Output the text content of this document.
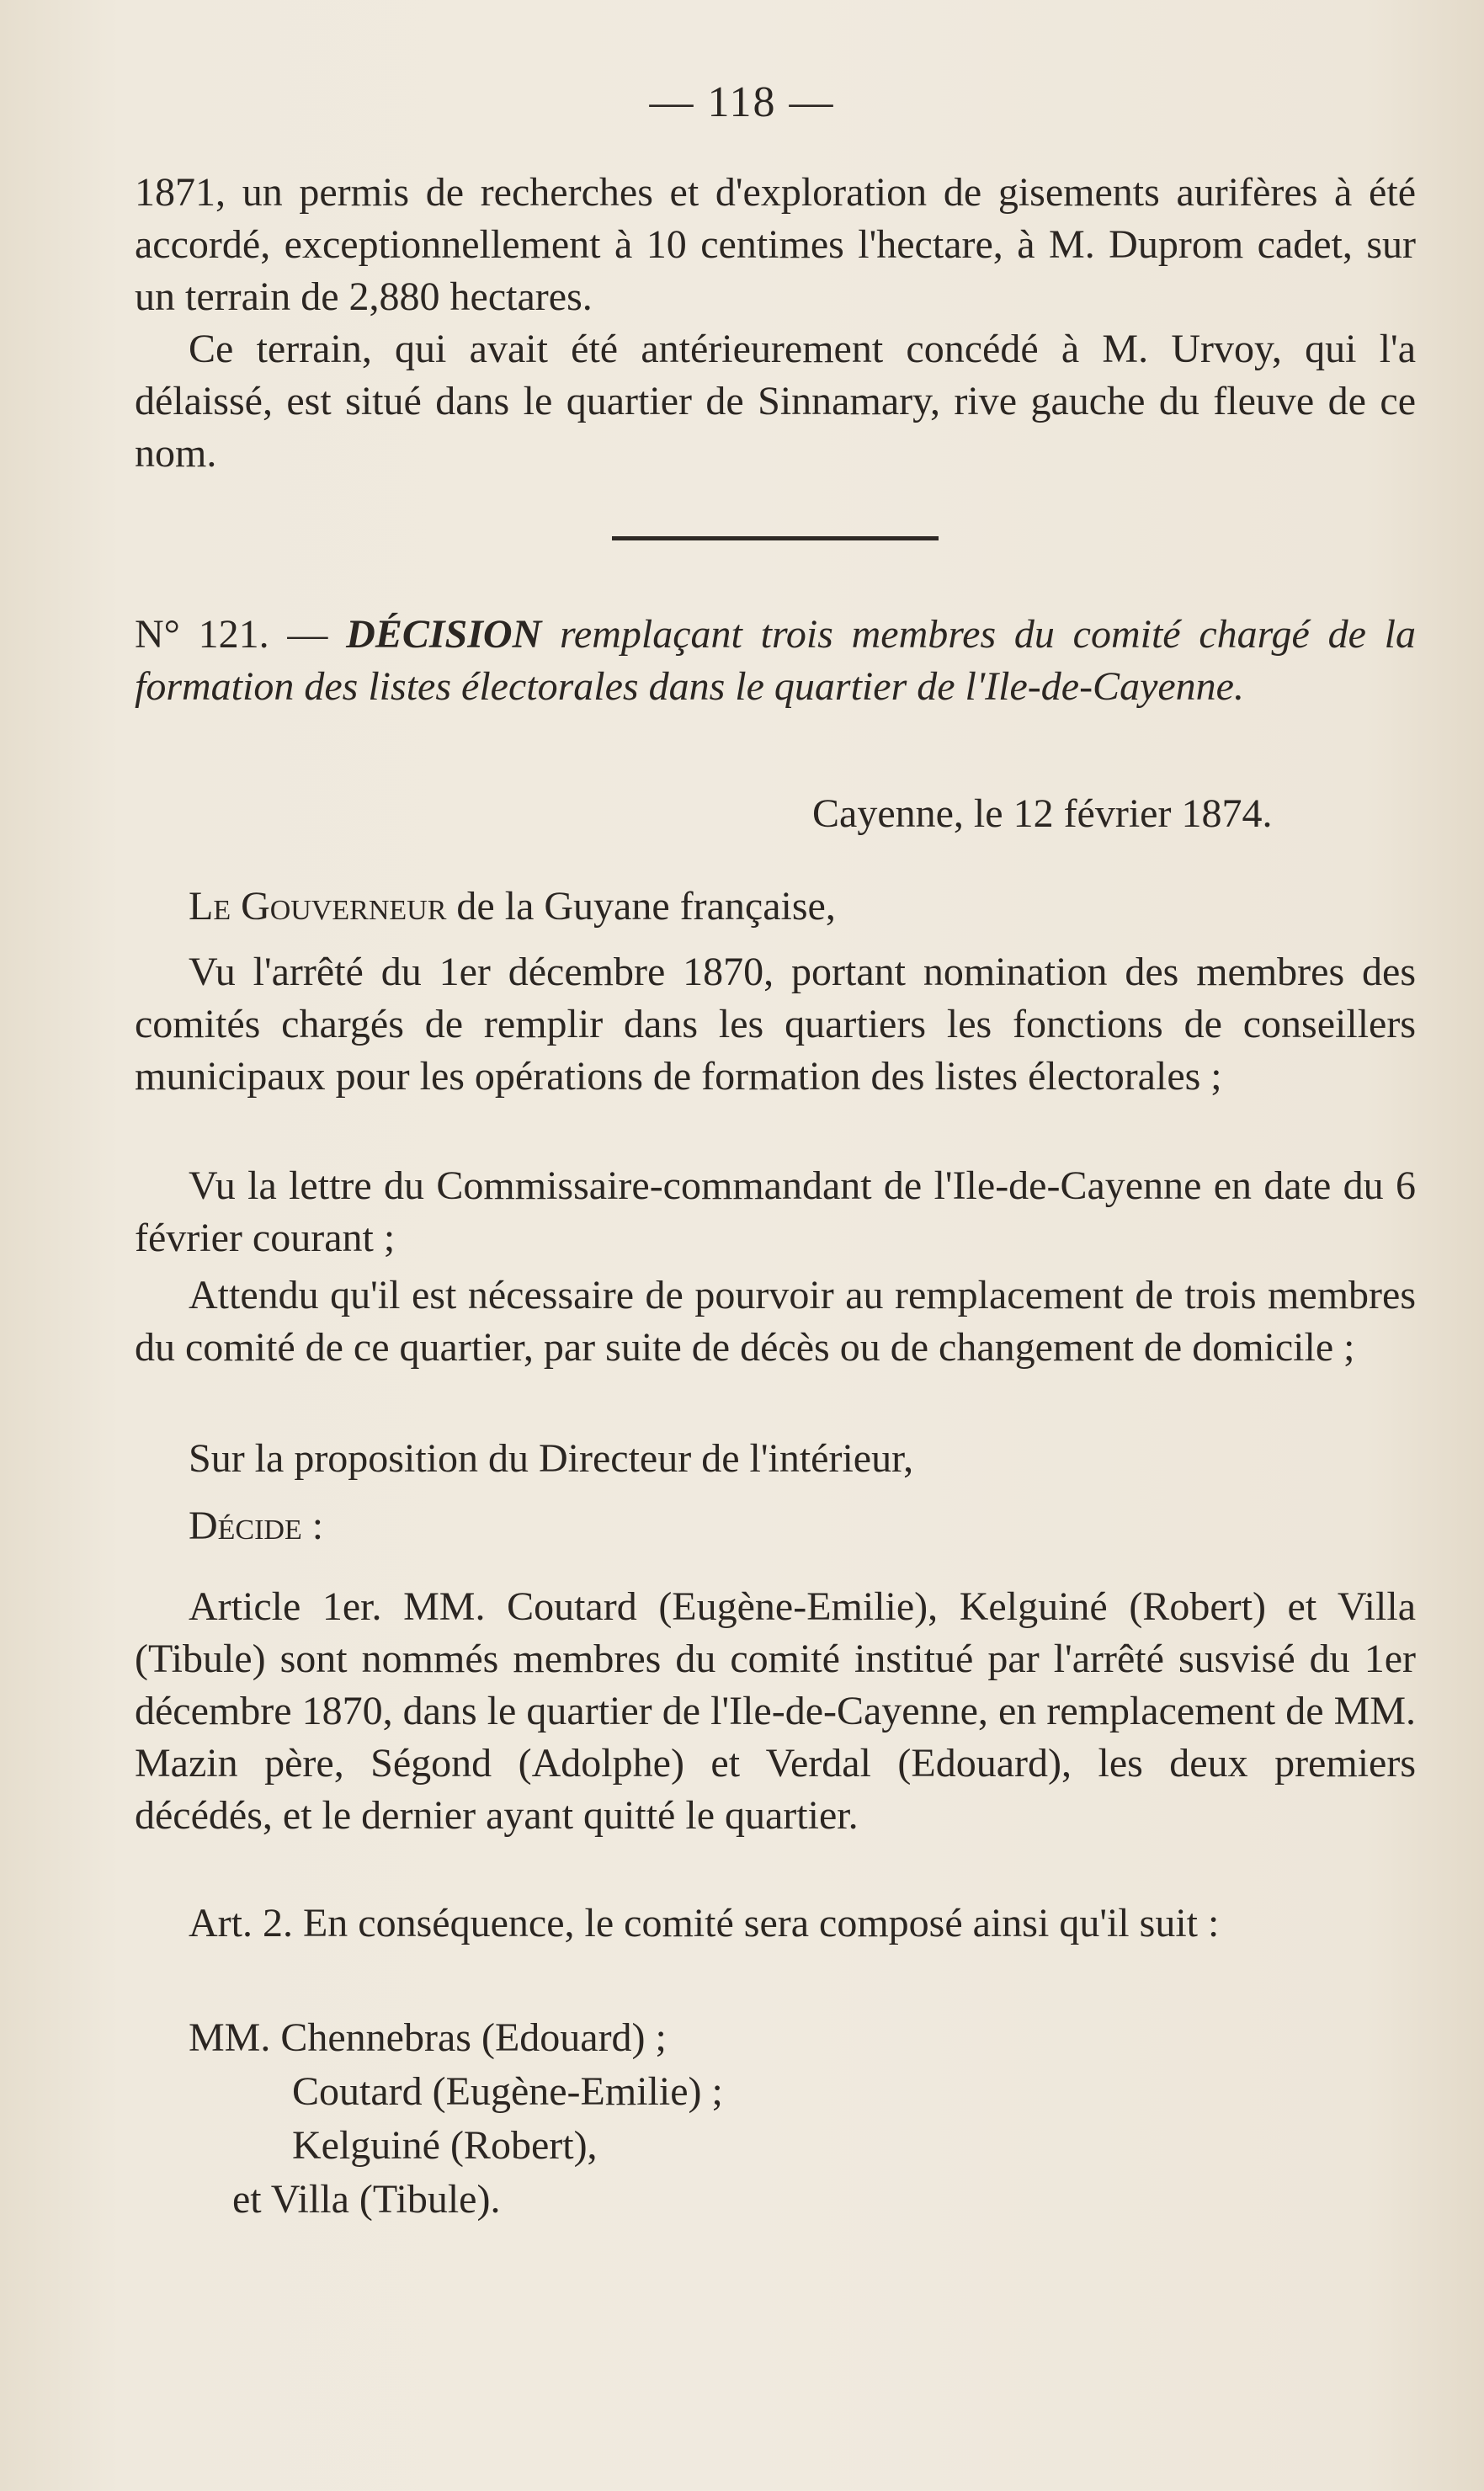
— 118 —

1871, un permis de recherches et d'exploration de gisements aurifères à été accordé, exceptionnellement à 10 centimes l'hectare, à M. Duprom cadet, sur un terrain de 2,880 hectares.

Ce terrain, qui avait été antérieurement concédé à M. Urvoy, qui l'a délaissé, est situé dans le quartier de Sinnamary, rive gauche du fleuve de ce nom.

N° 121. — DÉCISION remplaçant trois membres du comité chargé de la formation des listes électorales dans le quartier de l'Ile-de-Cayenne.
Cayenne, le 12 février 1874.

Le Gouverneur de la Guyane française,

Vu l'arrêté du 1er décembre 1870, portant nomination des membres des comités chargés de remplir dans les quartiers les fonctions de conseillers municipaux pour les opérations de formation des listes électorales ;

Vu la lettre du Commissaire-commandant de l'Ile-de-Cayenne en date du 6 février courant ;

Attendu qu'il est nécessaire de pourvoir au remplacement de trois membres du comité de ce quartier, par suite de décès ou de changement de domicile ;

Sur la proposition du Directeur de l'intérieur,

Décide :

Article 1er. MM. Coutard (Eugène-Emilie), Kelguiné (Robert) et Villa (Tibule) sont nommés membres du comité institué par l'arrêté susvisé du 1er décembre 1870, dans le quartier de l'Ile-de-Cayenne, en remplacement de MM. Mazin père, Ségond (Adolphe) et Verdal (Edouard), les deux premiers décédés, et le dernier ayant quitté le quartier.

Art. 2. En conséquence, le comité sera composé ainsi qu'il suit :

MM. Chennebras (Edouard) ;
Coutard (Eugène-Emilie) ;
Kelguiné (Robert),
et Villa (Tibule).
